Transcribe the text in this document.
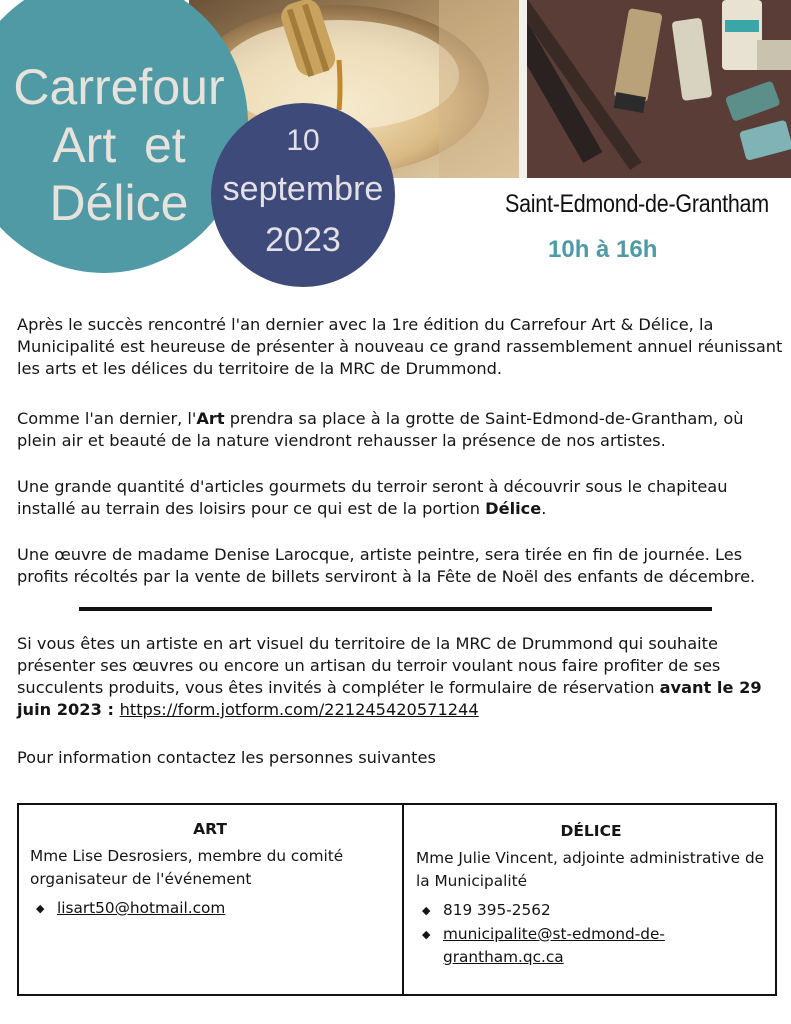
Carrefour
Art  et
Délice
10
septembre
2023
Saint-Edmond-de-Grantham
10h à 16h

Après le succès rencontré l'an dernier avec la 1re édition du Carrefour Art & Délice, la Municipalité est heureuse de présenter à nouveau ce grand rassemblement annuel réunissant les arts et les délices du territoire de la MRC de Drummond.

Comme l'an dernier, l'Art prendra sa place à la grotte de Saint-Edmond-de-Grantham, où plein air et beauté de la nature viendront rehausser la présence de nos artistes.

Une grande quantité d'articles gourmets du terroir seront à découvrir sous le chapiteau installé au terrain des loisirs pour ce qui est de la portion Délice.

Une œuvre de madame Denise Larocque, artiste peintre, sera tirée en fin de journée. Les profits récoltés par la vente de billets serviront à la Fête de Noël des enfants de décembre.

Si vous êtes un artiste en art visuel du territoire de la MRC de Drummond qui souhaite présenter ses œuvres ou encore un artisan du terroir voulant nous faire profiter de ses succulents produits, vous êtes invités à compléter le formulaire de réservation avant le 29 juin 2023 : https://form.jotform.com/221245420571244

Pour information contactez les personnes suivantes

ART

Mme Lise Desrosiers, membre du comité organisateur de l'événement

◆ lisart50@hotmail.com
DÉLICE

Mme Julie Vincent, adjointe administrative de la Municipalité

◆ 819 395-2562
◆ municipalite@st-edmond-de-
grantham.qc.ca
